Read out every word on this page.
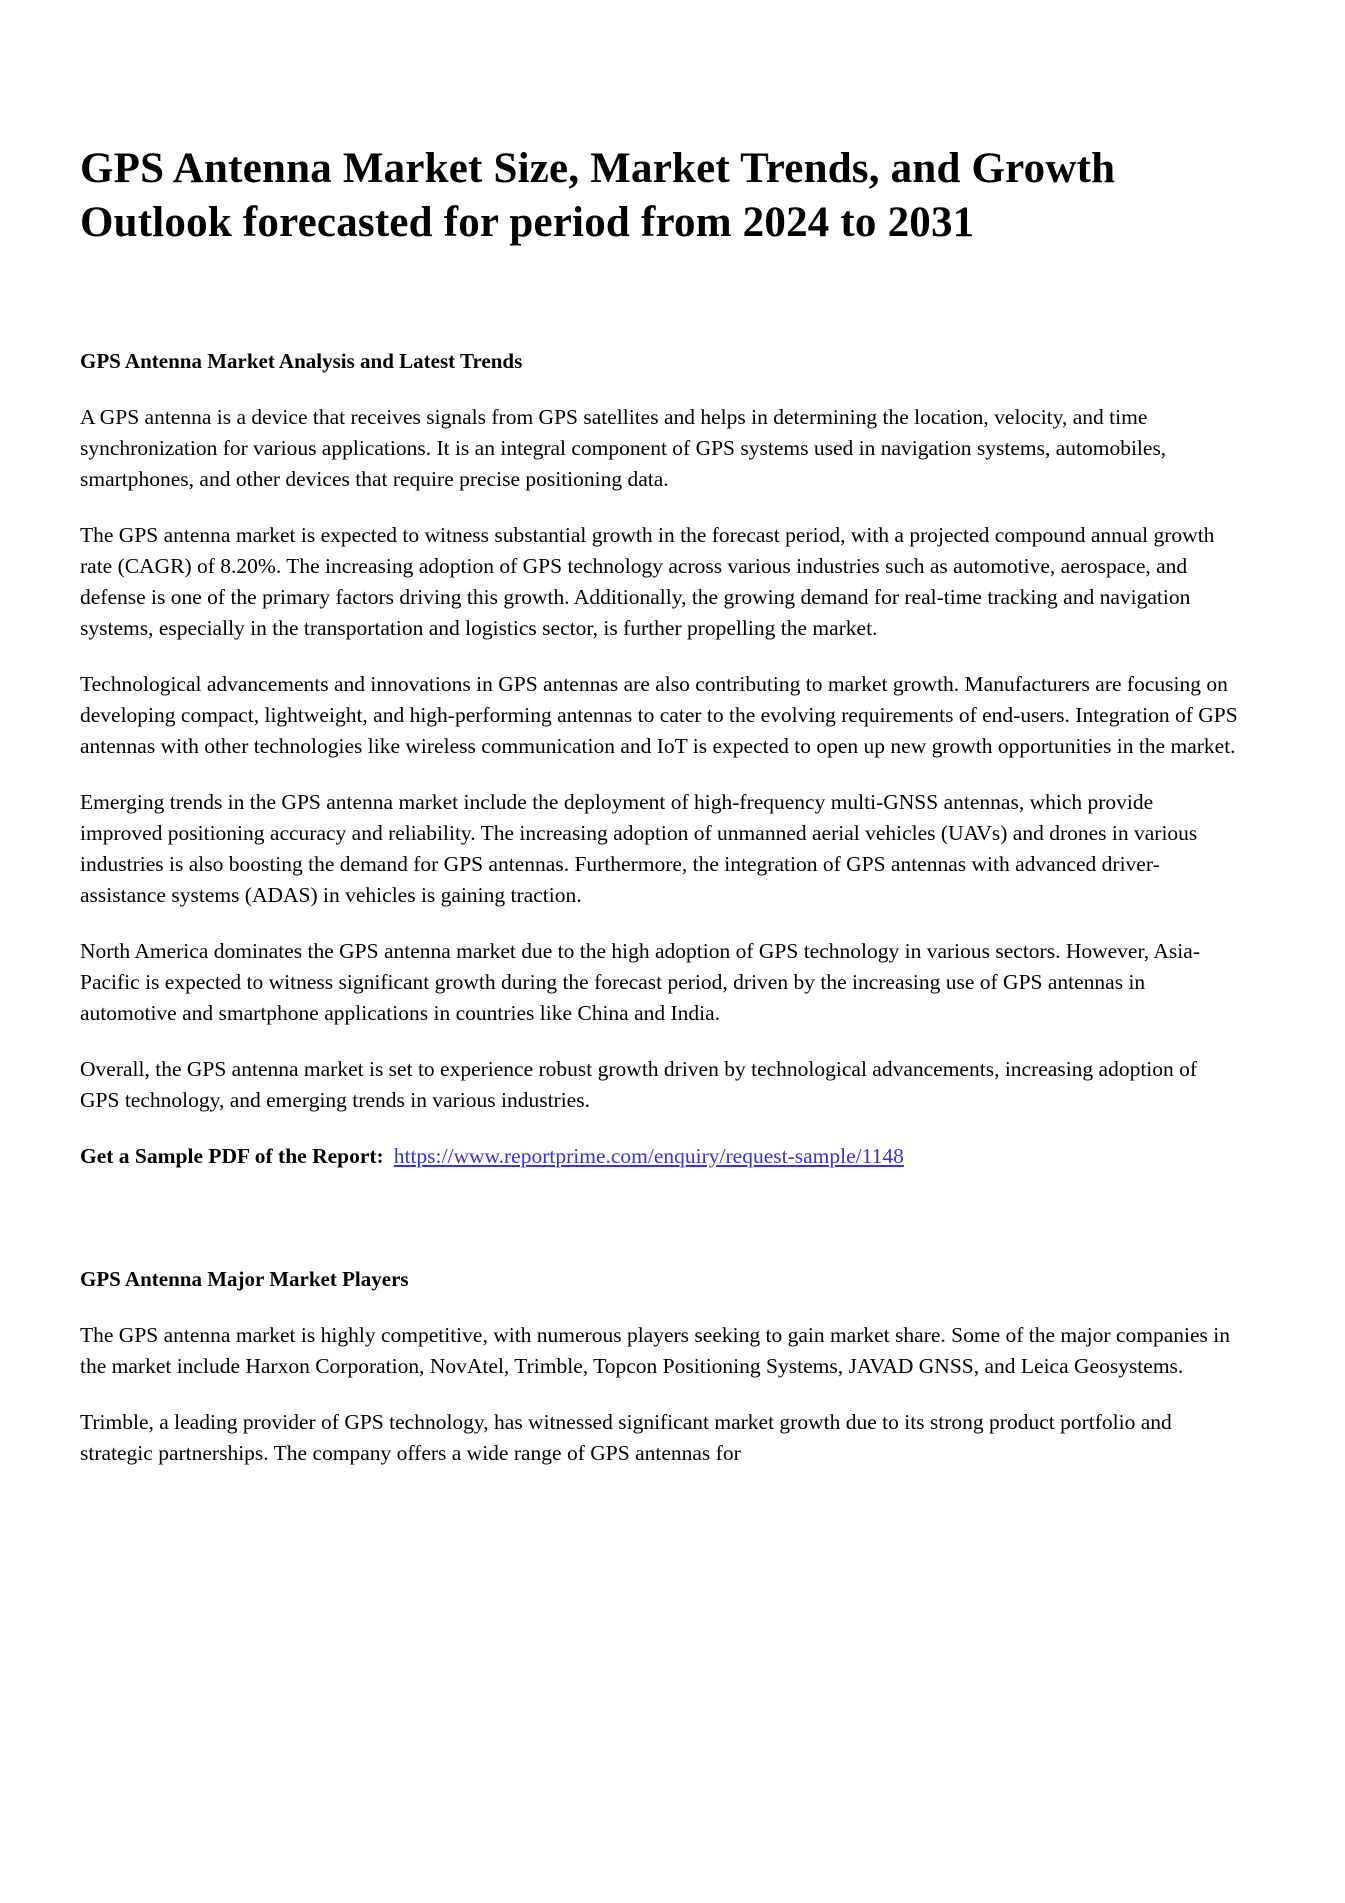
GPS Antenna Market Size, Market Trends, and Growth Outlook forecasted for period from 2024 to 2031
GPS Antenna Market Analysis and Latest Trends

A GPS antenna is a device that receives signals from GPS satellites and helps in determining the location, velocity, and time synchronization for various applications. It is an integral component of GPS systems used in navigation systems, automobiles, smartphones, and other devices that require precise positioning data.

The GPS antenna market is expected to witness substantial growth in the forecast period, with a projected compound annual growth rate (CAGR) of 8.20%. The increasing adoption of GPS technology across various industries such as automotive, aerospace, and defense is one of the primary factors driving this growth. Additionally, the growing demand for real-time tracking and navigation systems, especially in the transportation and logistics sector, is further propelling the market.

Technological advancements and innovations in GPS antennas are also contributing to market growth. Manufacturers are focusing on developing compact, lightweight, and high-performing antennas to cater to the evolving requirements of end-users. Integration of GPS antennas with other technologies like wireless communication and IoT is expected to open up new growth opportunities in the market.

Emerging trends in the GPS antenna market include the deployment of high-frequency multi-GNSS antennas, which provide improved positioning accuracy and reliability. The increasing adoption of unmanned aerial vehicles (UAVs) and drones in various industries is also boosting the demand for GPS antennas. Furthermore, the integration of GPS antennas with advanced driver-assistance systems (ADAS) in vehicles is gaining traction.

North America dominates the GPS antenna market due to the high adoption of GPS technology in various sectors. However, Asia-Pacific is expected to witness significant growth during the forecast period, driven by the increasing use of GPS antennas in automotive and smartphone applications in countries like China and India.

Overall, the GPS antenna market is set to experience robust growth driven by technological advancements, increasing adoption of GPS technology, and emerging trends in various industries.

Get a Sample PDF of the Report: https://www.reportprime.com/enquiry/request-sample/1148

GPS Antenna Major Market Players

The GPS antenna market is highly competitive, with numerous players seeking to gain market share. Some of the major companies in the market include Harxon Corporation, NovAtel, Trimble, Topcon Positioning Systems, JAVAD GNSS, and Leica Geosystems.

Trimble, a leading provider of GPS technology, has witnessed significant market growth due to its strong product portfolio and strategic partnerships. The company offers a wide range of GPS antennas for
